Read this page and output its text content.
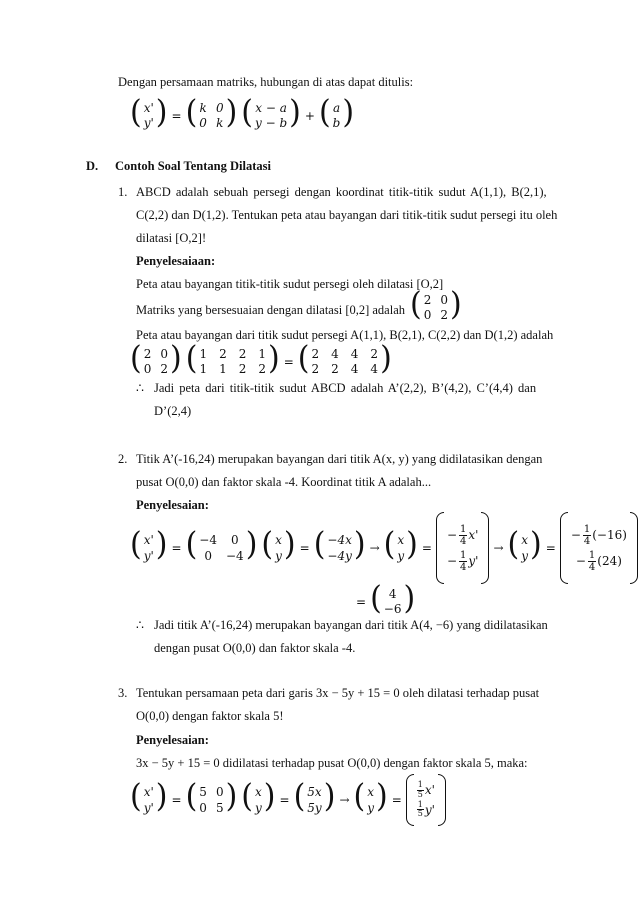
Dengan persamaan matriks, hubungan di atas dapat ditulis:
( x'
y' ) = ( k 0
0 k ) ( x − a
y − b ) + ( a
b )
D. Contoh Soal Tentang Dilatasi
1. ABCD adalah sebuah persegi dengan koordinat titik-titik sudut A(1,1), B(2,1),
C(2,2) dan D(1,2). Tentukan peta atau bayangan dari titik-titik sudut persegi itu oleh
dilatasi [O,2]!
Penyelesaiaan:
Peta atau bayangan titik-titik sudut persegi oleh dilatasi [O,2]
Matriks yang bersesuaian dengan dilatasi [0,2] adalah ( 2 0
0 2 )
Peta atau bayangan dari titik sudut persegi A(1,1), B(2,1), C(2,2) dan D(1,2) adalah
( 2 0
0 2 ) ( 1 2 2 1
1 1 2 2 ) = ( 2 4 4 2
2 2 4 4 )
∴ Jadi peta dari titik-titik sudut ABCD adalah A’(2,2), B’(4,2), C’(4,4) dan
D’(2,4)
2. Titik A’(-16,24) merupakan bayangan dari titik A(x, y) yang didilatasikan dengan
pusat O(0,0) dan faktor skala -4. Koordinat titik A adalah...
Penyelesaian:
( x'
y' ) = ( −4	0
0	−4 ) ( x
y ) = ( −4x
−4y ) → ( x
y ) =
− $\frac{1}{4} x'$
− $\frac{1}{4} y'$
→ ( x
y ) =
− $\frac{1}{4} (-16)$
− $\frac{1}{4} (24)$
= ( 4
−6 )
∴ Jadi titik A’(-16,24) merupakan bayangan dari titik A(4, −6) yang didilatasikan
dengan pusat O(0,0) dan faktor skala -4.
3. Tentukan persamaan peta dari garis 3x − 5y + 15 = 0 oleh dilatasi terhadap pusat
O(0,0) dengan faktor skala 5!
Penyelesaian:
3x − 5y + 15 = 0 didilatasi terhadap pusat O(0,0) dengan faktor skala 5, maka:
( x'
y' ) = ( 5 0
0 5 ) ( x
y ) = ( 5x
5y ) → ( x
y ) =
$\frac{1}{5} x'$
$\frac{1}{5} y'$
